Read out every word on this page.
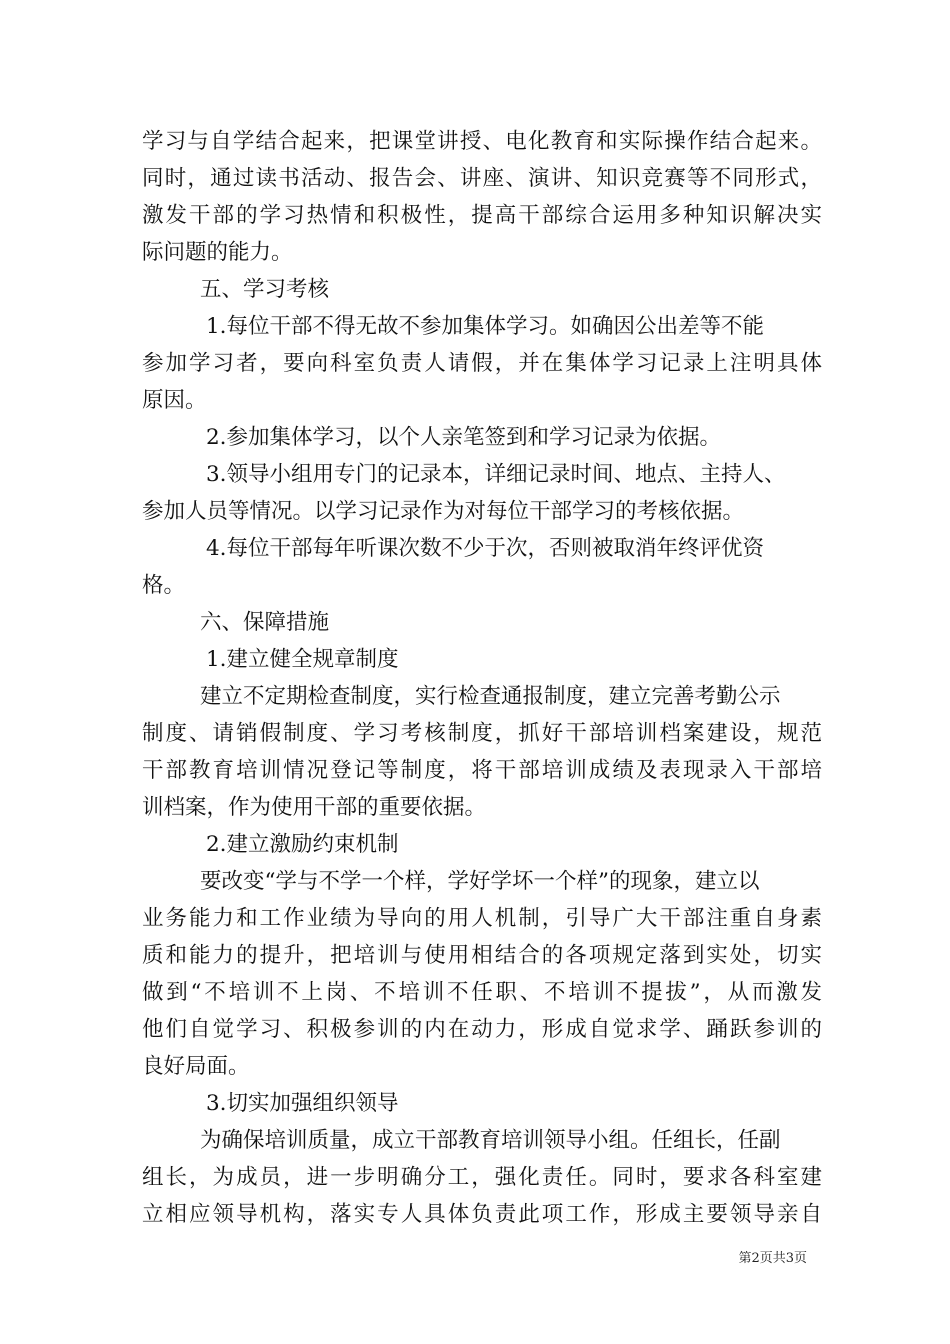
学习与自学结合起来，把课堂讲授、电化教育和实际操作结合起来。
同时，通过读书活动、报告会、讲座、演讲、知识竞赛等不同形式，
激发干部的学习热情和积极性，提高干部综合运用多种知识解决实
际问题的能力。
五、学习考核
1.每位干部不得无故不参加集体学习。如确因公出差等不能
参加学习者，要向科室负责人请假，并在集体学习记录上注明具体
原因。
2.参加集体学习，以个人亲笔签到和学习记录为依据。
3.领导小组用专门的记录本，详细记录时间、地点、主持人、
参加人员等情况。以学习记录作为对每位干部学习的考核依据。
4.每位干部每年听课次数不少于次，否则被取消年终评优资
格。
六、保障措施
1.建立健全规章制度
建立不定期检查制度，实行检查通报制度，建立完善考勤公示
制度、请销假制度、学习考核制度，抓好干部培训档案建设，规范
干部教育培训情况登记等制度，将干部培训成绩及表现录入干部培
训档案，作为使用干部的重要依据。
2.建立激励约束机制
要改变“学与不学一个样，学好学坏一个样”的现象，建立以
业务能力和工作业绩为导向的用人机制，引导广大干部注重自身素
质和能力的提升，把培训与使用相结合的各项规定落到实处，切实
做到“不培训不上岗、不培训不任职、不培训不提拔”，从而激发
他们自觉学习、积极参训的内在动力，形成自觉求学、踊跃参训的
良好局面。
3.切实加强组织领导
为确保培训质量，成立干部教育培训领导小组。任组长，任副
组长，为成员，进一步明确分工，强化责任。同时，要求各科室建
立相应领导机构，落实专人具体负责此项工作，形成主要领导亲自
第2页共3页
